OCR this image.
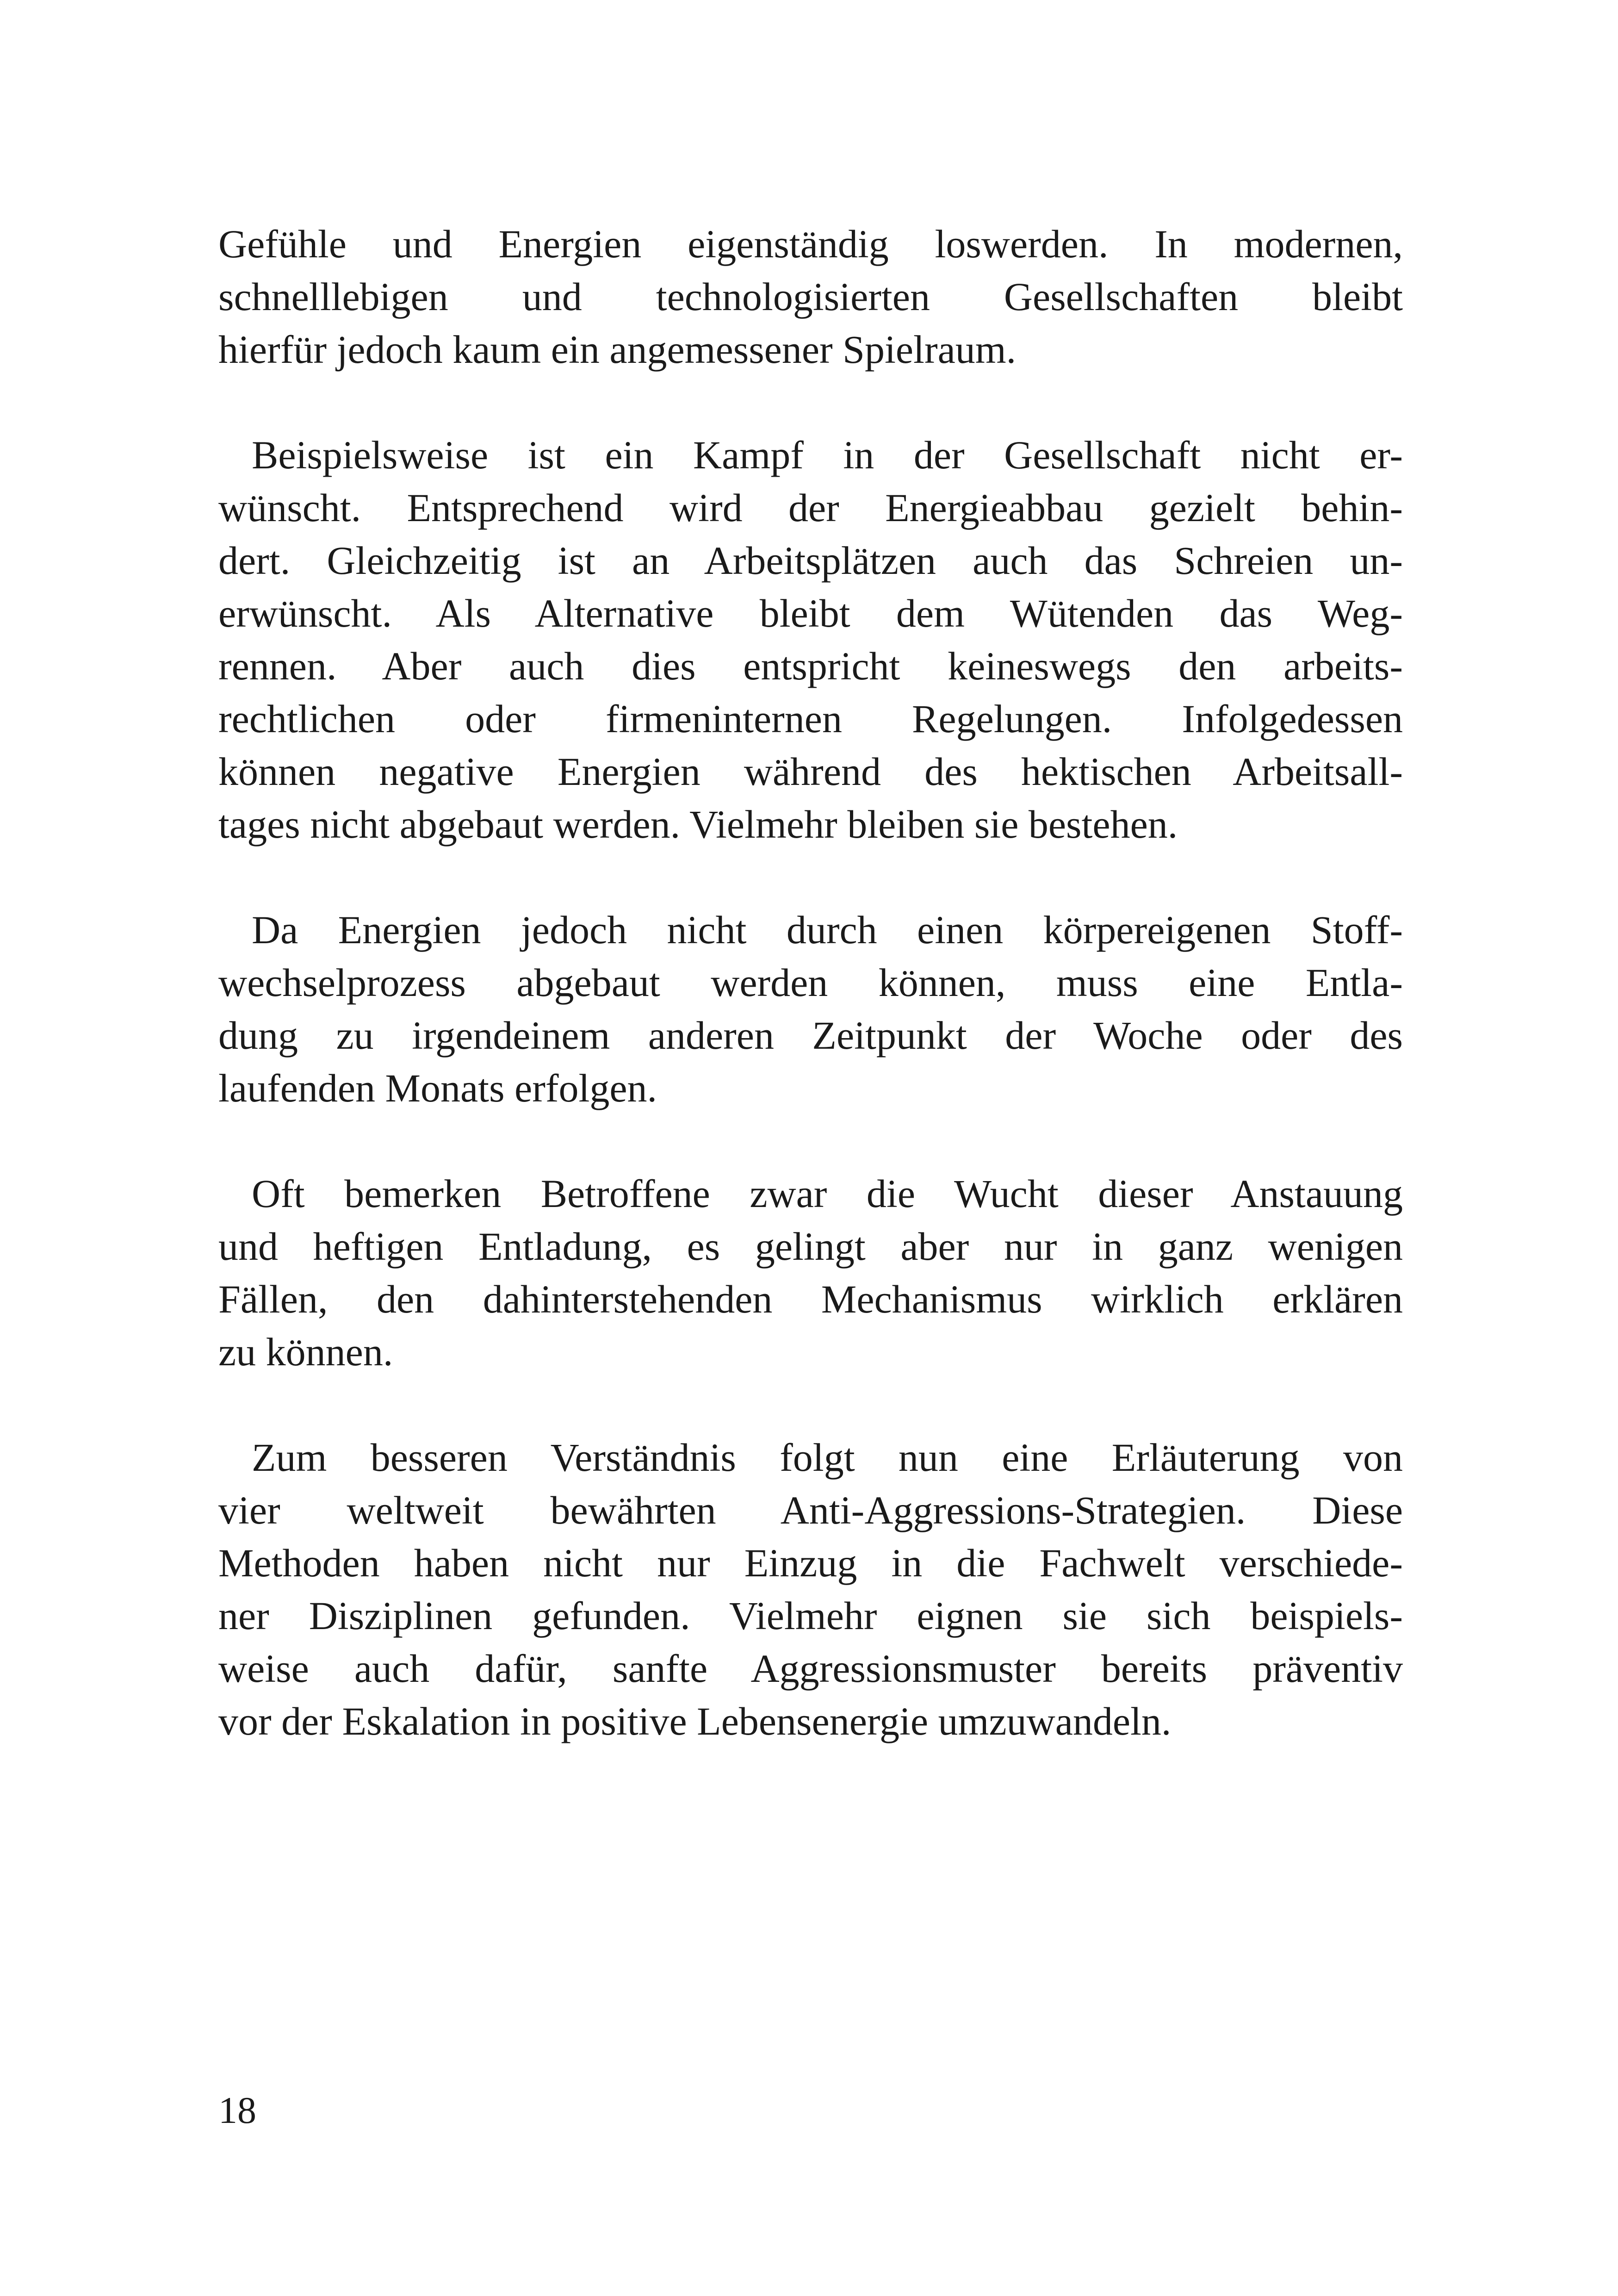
Gefühle und Energien eigenständig loswerden. In modernen,
schnelllebigen und technologisierten Gesellschaften bleibt
hierfür jedoch kaum ein angemessener Spielraum.
Beispielsweise ist ein Kampf in der Gesellschaft nicht er-
wünscht. Entsprechend wird der Energieabbau gezielt behin-
dert. Gleichzeitig ist an Arbeitsplätzen auch das Schreien un-
erwünscht. Als Alternative bleibt dem Wütenden das Weg-
rennen. Aber auch dies entspricht keineswegs den arbeits-
rechtlichen oder firmeninternen Regelungen. Infolgedessen
können negative Energien während des hektischen Arbeitsall-
tages nicht abgebaut werden. Vielmehr bleiben sie bestehen.
Da Energien jedoch nicht durch einen körpereigenen Stoff-
wechselprozess abgebaut werden können, muss eine Entla-
dung zu irgendeinem anderen Zeitpunkt der Woche oder des
laufenden Monats erfolgen.
Oft bemerken Betroffene zwar die Wucht dieser Anstauung
und heftigen Entladung, es gelingt aber nur in ganz wenigen
Fällen, den dahinterstehenden Mechanismus wirklich erklären
zu können.
Zum besseren Verständnis folgt nun eine Erläuterung von
vier weltweit bewährten Anti-Aggressions-Strategien. Diese
Methoden haben nicht nur Einzug in die Fachwelt verschiede-
ner Disziplinen gefunden. Vielmehr eignen sie sich beispiels-
weise auch dafür, sanfte Aggressionsmuster bereits präventiv
vor der Eskalation in positive Lebensenergie umzuwandeln.
18
